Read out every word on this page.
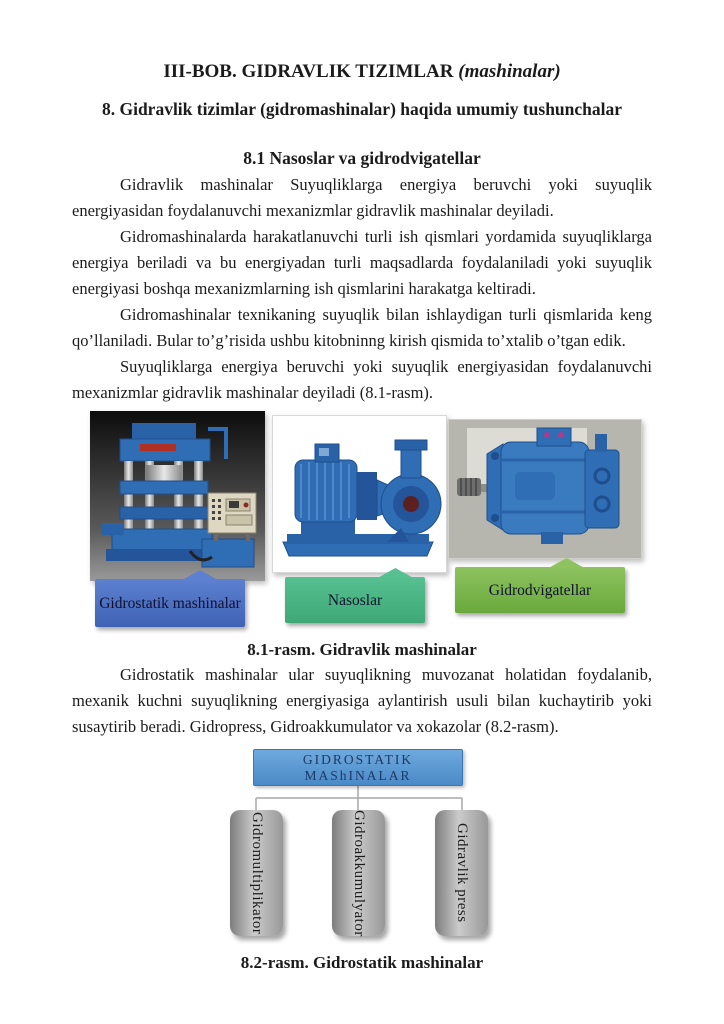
III-BOB. GIDRAVLIK TIZIMLAR (mashinalar)
8. Gidravlik tizimlar (gidromashinalar) haqida umumiy tushunchalar
8.1 Nasoslar va gidrodvigatellar

Gidravlik mashinalar Suyuqliklarga energiya beruvchi yoki suyuqlik energiyasidan foydalanuvchi mexanizmlar gidravlik mashinalar deyiladi.

Gidromashinalarda harakatlanuvchi turli ish qismlari yordamida suyuqliklarga energiya beriladi va bu energiyadan turli maqsadlarda foydalaniladi yoki suyuqlik energiyasi boshqa mexanizmlarning ish qismlarini harakatga keltiradi.

Gidromashinalar texnikaning suyuqlik bilan ishlaydigan turli qismlarida keng qo’llaniladi. Bular to’g’risida ushbu kitobninng kirish qismida to’xtalib o’tgan edik.

Suyuqliklarga energiya beruvchi yoki suyuqlik energiyasidan foydalanuvchi mexanizmlar gidravlik mashinalar deyiladi (8.1-rasm).

Gidrostatik mashinalar	Nasoslar
Gidrodvigatellar
8.1-rasm. Gidravlik mashinalar

Gidrostatik mashinalar ular suyuqlikning muvozanat holatidan foydalanib, mexanik kuchni suyuqlikning energiyasiga aylantirish usuli bilan kuchaytirib yoki susaytirib beradi. Gidropress, Gidroakkumulator va xokazolar (8.2-rasm).

GIDROSTATIK
MAShINALAR
Gidromultiplikator	Gidroakkumulyator	Gidravlik press
8.2-rasm. Gidrostatik mashinalar
